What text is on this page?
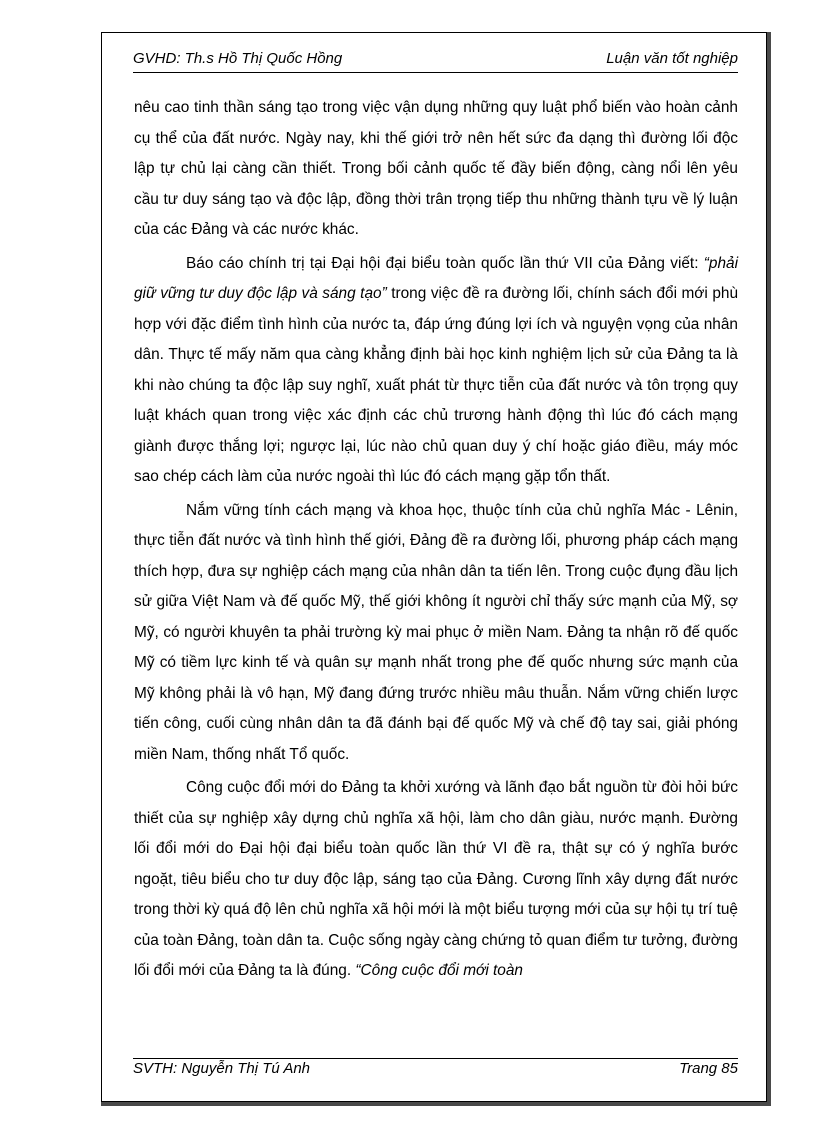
GVHD: Th.s Hồ Thị Quốc Hồng	Luận văn tốt nghiệp

nêu cao tinh thần sáng tạo trong việc vận dụng những quy luật phổ biến vào hoàn cảnh cụ thể của đất nước. Ngày nay, khi thế giới trở nên hết sức đa dạng thì đường lối độc lập tự chủ lại càng cần thiết. Trong bối cảnh quốc tế đầy biến động, càng nổi lên yêu cầu tư duy sáng tạo và độc lập, đồng thời trân trọng tiếp thu những thành tựu về lý luận của các Đảng và các nước khác.

Báo cáo chính trị tại Đại hội đại biểu toàn quốc lần thứ VII của Đảng viết: “phải giữ vững tư duy độc lập và sáng tạo” trong việc đề ra đường lối, chính sách đổi mới phù hợp với đặc điểm tình hình của nước ta, đáp ứng đúng lợi ích và nguyện vọng của nhân dân. Thực tế mấy năm qua càng khẳng định bài học kinh nghiệm lịch sử của Đảng ta là khi nào chúng ta độc lập suy nghĩ, xuất phát từ thực tiễn của đất nước và tôn trọng quy luật khách quan trong việc xác định các chủ trương hành động thì lúc đó cách mạng giành được thắng lợi; ngược lại, lúc nào chủ quan duy ý chí hoặc giáo điều, máy móc sao chép cách làm của nước ngoài thì lúc đó cách mạng gặp tổn thất.

Nắm vững tính cách mạng và khoa học, thuộc tính của chủ nghĩa Mác - Lênin, thực tiễn đất nước và tình hình thế giới, Đảng đề ra đường lối, phương pháp cách mạng thích hợp, đưa sự nghiệp cách mạng của nhân dân ta tiến lên. Trong cuộc đụng đầu lịch sử giữa Việt Nam và đế quốc Mỹ, thế giới không ít người chỉ thấy sức mạnh của Mỹ, sợ Mỹ, có người khuyên ta phải trường kỳ mai phục ở miền Nam. Đảng ta nhận rõ đế quốc Mỹ có tiềm lực kinh tế và quân sự mạnh nhất trong phe đế quốc nhưng sức mạnh của Mỹ không phải là vô hạn, Mỹ đang đứng trước nhiều mâu thuẫn. Nắm vững chiến lược tiến công, cuối cùng nhân dân ta đã đánh bại đế quốc Mỹ và chế độ tay sai, giải phóng miền Nam, thống nhất Tổ quốc.

Công cuộc đổi mới do Đảng ta khởi xướng và lãnh đạo bắt nguồn từ đòi hỏi bức thiết của sự nghiệp xây dựng chủ nghĩa xã hội, làm cho dân giàu, nước mạnh. Đường lối đổi mới do Đại hội đại biểu toàn quốc lần thứ VI đề ra, thật sự có ý nghĩa bước ngoặt, tiêu biểu cho tư duy độc lập, sáng tạo của Đảng. Cương lĩnh xây dựng đất nước trong thời kỳ quá độ lên chủ nghĩa xã hội mới là một biểu tượng mới của sự hội tụ trí tuệ của toàn Đảng, toàn dân ta. Cuộc sống ngày càng chứng tỏ quan điểm tư tưởng, đường lối đổi mới của Đảng ta là đúng. “Công cuộc đổi mới toàn

SVTH: Nguyễn Thị Tú Anh	Trang 85
